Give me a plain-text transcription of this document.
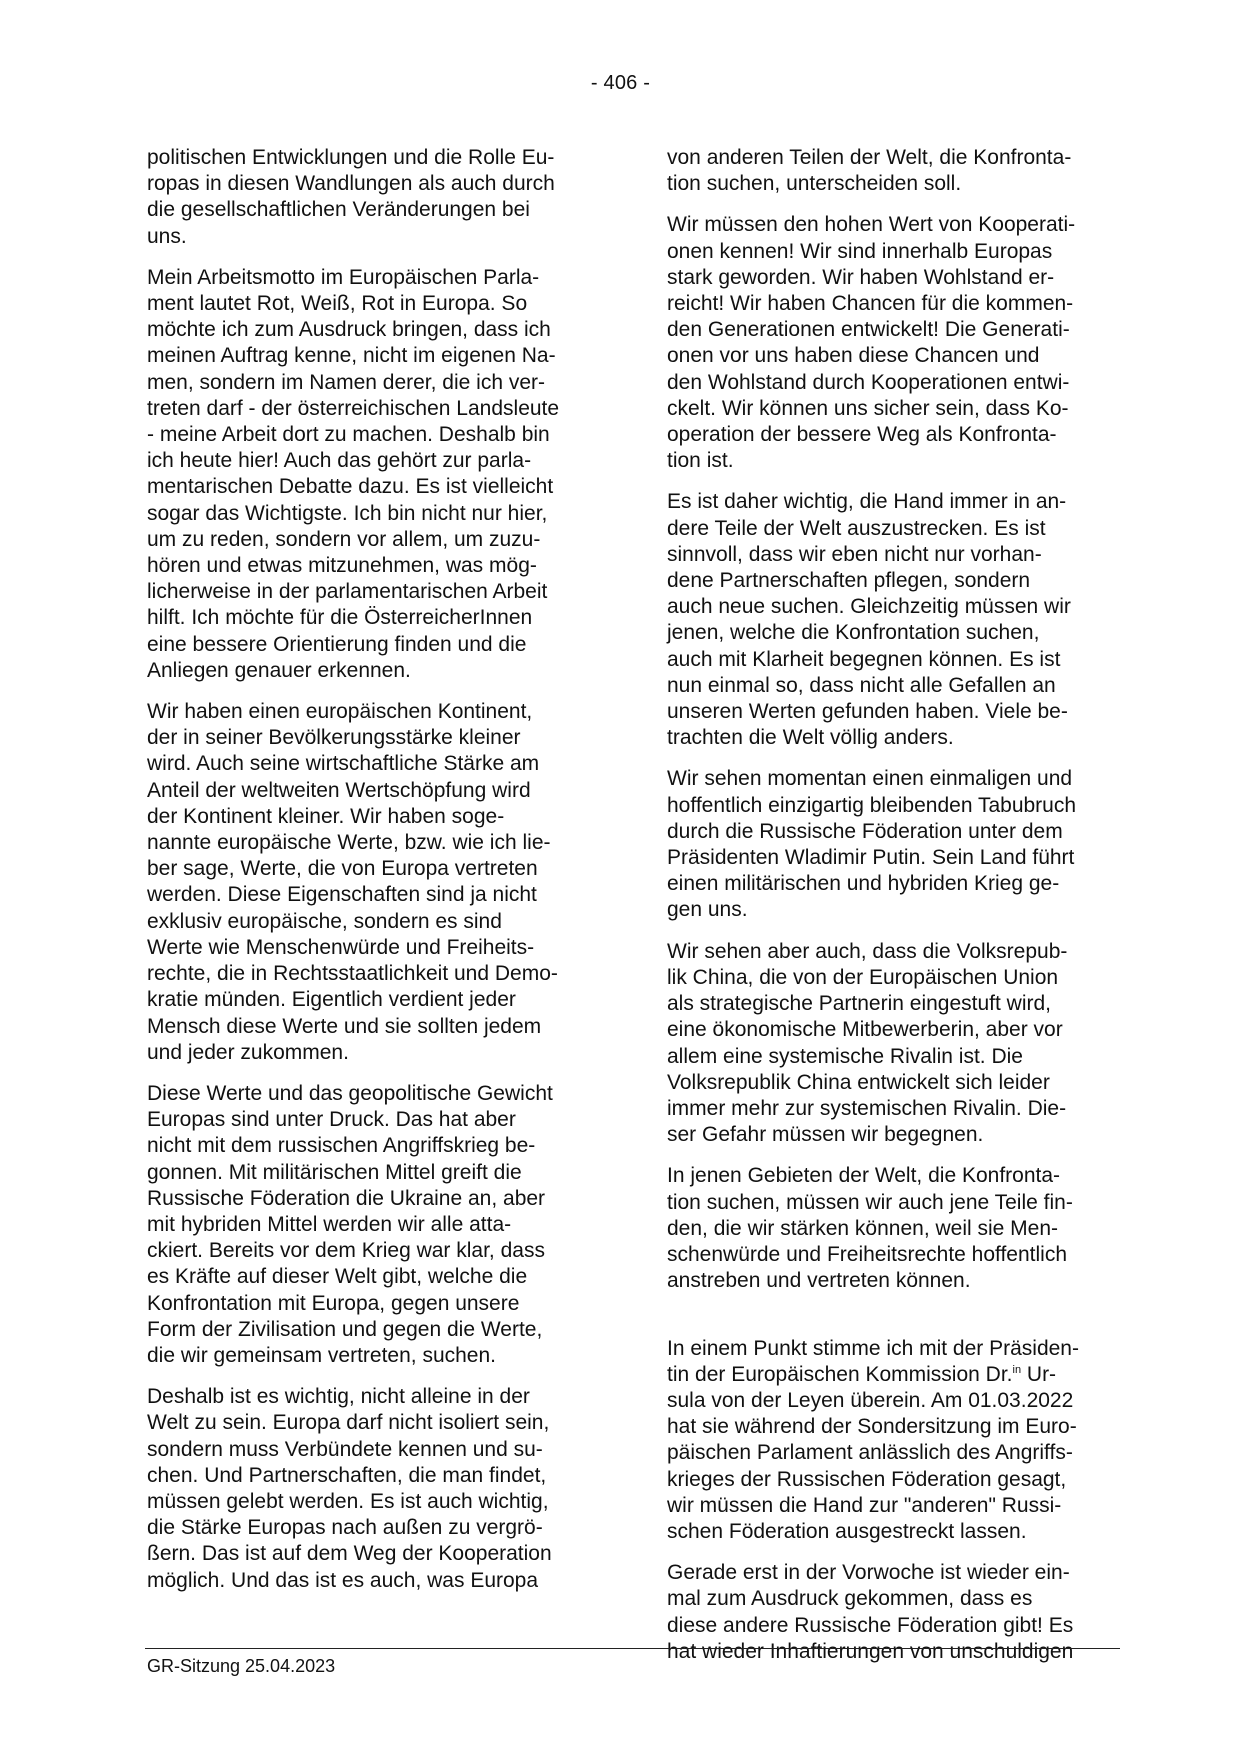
- 406 -

politischen Entwicklungen und die Rolle Eu-
ropas in diesen Wandlungen als auch durch
die gesellschaftlichen Veränderungen bei
uns.

Mein Arbeitsmotto im Europäischen Parla-
ment lautet Rot, Weiß, Rot in Europa. So
möchte ich zum Ausdruck bringen, dass ich
meinen Auftrag kenne, nicht im eigenen Na-
men, sondern im Namen derer, die ich ver-
treten darf - der österreichischen Landsleute
- meine Arbeit dort zu machen. Deshalb bin
ich heute hier! Auch das gehört zur parla-
mentarischen Debatte dazu. Es ist vielleicht
sogar das Wichtigste. Ich bin nicht nur hier,
um zu reden, sondern vor allem, um zuzu-
hören und etwas mitzunehmen, was mög-
licherweise in der parlamentarischen Arbeit
hilft. Ich möchte für die ÖsterreicherInnen
eine bessere Orientierung finden und die
Anliegen genauer erkennen.

Wir haben einen europäischen Kontinent,
der in seiner Bevölkerungsstärke kleiner
wird. Auch seine wirtschaftliche Stärke am
Anteil der weltweiten Wertschöpfung wird
der Kontinent kleiner. Wir haben soge-
nannte europäische Werte, bzw. wie ich lie-
ber sage, Werte, die von Europa vertreten
werden. Diese Eigenschaften sind ja nicht
exklusiv europäische, sondern es sind
Werte wie Menschenwürde und Freiheits-
rechte, die in Rechtsstaatlichkeit und Demo-
kratie münden. Eigentlich verdient jeder
Mensch diese Werte und sie sollten jedem
und jeder zukommen.

Diese Werte und das geopolitische Gewicht
Europas sind unter Druck. Das hat aber
nicht mit dem russischen Angriffskrieg be-
gonnen. Mit militärischen Mittel greift die
Russische Föderation die Ukraine an, aber
mit hybriden Mittel werden wir alle atta-
ckiert. Bereits vor dem Krieg war klar, dass
es Kräfte auf dieser Welt gibt, welche die
Konfrontation mit Europa, gegen unsere
Form der Zivilisation und gegen die Werte,
die wir gemeinsam vertreten, suchen.

Deshalb ist es wichtig, nicht alleine in der
Welt zu sein. Europa darf nicht isoliert sein,
sondern muss Verbündete kennen und su-
chen. Und Partnerschaften, die man findet,
müssen gelebt werden. Es ist auch wichtig,
die Stärke Europas nach außen zu vergrö-
ßern. Das ist auf dem Weg der Kooperation
möglich. Und das ist es auch, was Europa

von anderen Teilen der Welt, die Konfronta-
tion suchen, unterscheiden soll.

Wir müssen den hohen Wert von Kooperati-
onen kennen! Wir sind innerhalb Europas
stark geworden. Wir haben Wohlstand er-
reicht! Wir haben Chancen für die kommen-
den Generationen entwickelt! Die Generati-
onen vor uns haben diese Chancen und
den Wohlstand durch Kooperationen entwi-
ckelt. Wir können uns sicher sein, dass Ko-
operation der bessere Weg als Konfronta-
tion ist.

Es ist daher wichtig, die Hand immer in an-
dere Teile der Welt auszustrecken. Es ist
sinnvoll, dass wir eben nicht nur vorhan-
dene Partnerschaften pflegen, sondern
auch neue suchen. Gleichzeitig müssen wir
jenen, welche die Konfrontation suchen,
auch mit Klarheit begegnen können. Es ist
nun einmal so, dass nicht alle Gefallen an
unseren Werten gefunden haben. Viele be-
trachten die Welt völlig anders.

Wir sehen momentan einen einmaligen und
hoffentlich einzigartig bleibenden Tabubruch
durch die Russische Föderation unter dem
Präsidenten Wladimir Putin. Sein Land führt
einen militärischen und hybriden Krieg ge-
gen uns.

Wir sehen aber auch, dass die Volksrepub-
lik China, die von der Europäischen Union
als strategische Partnerin eingestuft wird,
eine ökonomische Mitbewerberin, aber vor
allem eine systemische Rivalin ist. Die
Volksrepublik China entwickelt sich leider
immer mehr zur systemischen Rivalin. Die-
ser Gefahr müssen wir begegnen.

In jenen Gebieten der Welt, die Konfronta-
tion suchen, müssen wir auch jene Teile fin-
den, die wir stärken können, weil sie Men-
schenwürde und Freiheitsrechte hoffentlich
anstreben und vertreten können.

In einem Punkt stimme ich mit der Präsiden-
tin der Europäischen Kommission Dr.$^{in}$ Ur-
sula von der Leyen überein. Am 01.03.2022
hat sie während der Sondersitzung im Euro-
päischen Parlament anlässlich des Angriffs-
krieges der Russischen Föderation gesagt,
wir müssen die Hand zur "anderen" Russi-
schen Föderation ausgestreckt lassen.

Gerade erst in der Vorwoche ist wieder ein-
mal zum Ausdruck gekommen, dass es
diese andere Russische Föderation gibt! Es
hat wieder Inhaftierungen von unschuldigen

GR-Sitzung 25.04.2023
